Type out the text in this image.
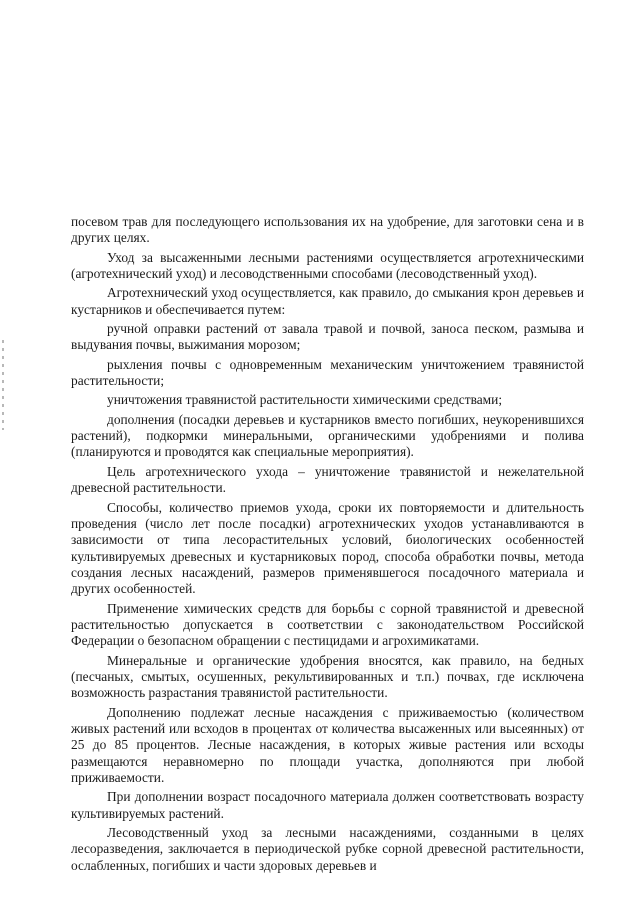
посевом трав для последующего использования их на удобрение, для заготовки сена и в других целях.

Уход за высаженными лесными растениями осуществляется агротехническими (агротехнический уход) и лесоводственными способами (лесоводственный уход).

Агротехнический уход осуществляется, как правило, до смыкания крон деревьев и кустарников и обеспечивается путем:

ручной оправки растений от завала травой и почвой, заноса песком, размыва и выдувания почвы, выжимания морозом;

рыхления почвы с одновременным механическим уничтожением травянистой растительности;

уничтожения травянистой растительности химическими средствами;

дополнения (посадки деревьев и кустарников вместо погибших, неукоренившихся растений), подкормки минеральными, органическими удобрениями и полива (планируются и проводятся как специальные мероприятия).

Цель агротехнического ухода – уничтожение травянистой и нежелательной древесной растительности.

Способы, количество приемов ухода, сроки их повторяемости и длительность проведения (число лет после посадки) агротехнических уходов устанавливаются в зависимости от типа лесорастительных условий, биологических особенностей культивируемых древесных и кустарниковых пород, способа обработки почвы, метода создания лесных насаждений, размеров применявшегося посадочного материала и других особенностей.

Применение химических средств для борьбы с сорной травянистой и древесной растительностью допускается в соответствии с законодательством Российской Федерации о безопасном обращении с пестицидами и агрохимикатами.

Минеральные и органические удобрения вносятся, как правило, на бедных (песчаных, смытых, осушенных, рекультивированных и т.п.) почвах, где исключена возможность разрастания травянистой растительности.

Дополнению подлежат лесные насаждения с приживаемостью (количеством живых растений или всходов в процентах от количества высаженных или высеянных) от 25 до 85 процентов. Лесные насаждения, в которых живые растения или всходы размещаются неравномерно по площади участка, дополняются при любой приживаемости.

При дополнении возраст посадочного материала должен соответствовать возрасту культивируемых растений.

Лесоводственный уход за лесными насаждениями, созданными в целях лесоразведения, заключается в периодической рубке сорной древесной растительности, ослабленных, погибших и части здоровых деревьев и
